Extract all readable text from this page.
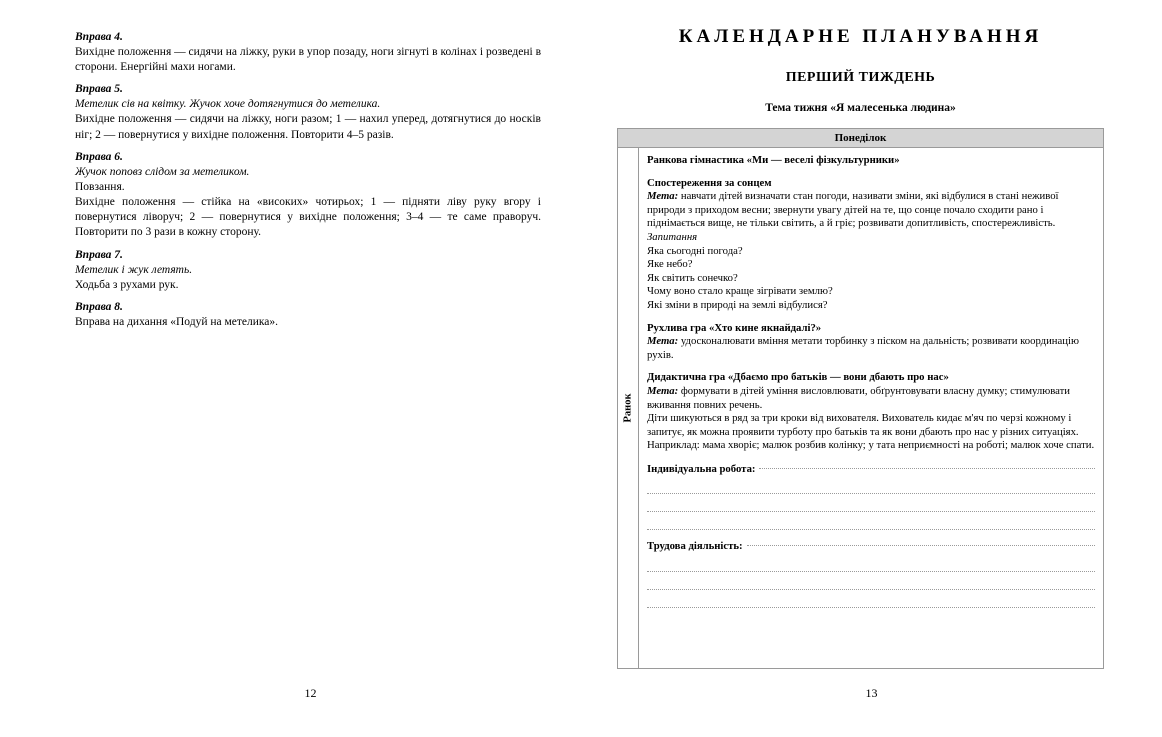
Вправа 4.

Вихідне положення — сидячи на ліжку, руки в упор позаду, ноги зігнуті в колінах і розведені в сторони. Енергійні махи ногами.

Вправа 5.

Метелик сів на квітку. Жучок хоче дотягнутися до метелика.

Вихідне положення — сидячи на ліжку, ноги разом; 1 — нахил уперед, дотягнутися до носків ніг; 2 — повернутися у вихідне положення. Повторити 4–5 разів.

Вправа 6.

Жучок поповз слідом за метеликом.

Повзання.

Вихідне положення — стійка на «високих» чотирьох; 1 — підняти ліву руку вгору і повернутися ліворуч; 2 — повернутися у вихідне положення; 3–4 — те саме праворуч. Повторити по 3 рази в кожну сторону.

Вправа 7.

Метелик і жук летять.

Ходьба з рухами рук.

Вправа 8.

Вправа на дихання «Подуй на метелика».

12
КАЛЕНДАРНЕ ПЛАНУВАННЯ
ПЕРШИЙ ТИЖДЕНЬ
Тема тижня «Я малесенька людина»
Понеділок
Ранок

Ранкова гімнастика «Ми — веселі фізкультурники»

Спостереження за сонцем

Мета: навчати дітей визначати стан погоди, називати зміни, які відбулися в стані неживої природи з приходом весни; звернути увагу дітей на те, що сонце почало сходити рано і піднімається вище, не тільки світить, а й гріє; розвивати допитливість, спостережливість.

Запитання

Яка сьогодні погода?

Яке небо?

Як світить сонечко?

Чому воно стало краще зігрівати землю?

Які зміни в природі на землі відбулися?

Рухлива гра «Хто кине якнайдалі?»

Мета: удосконалювати вміння метати торбинку з піском на дальність; розвивати координацію рухів.

Дидактична гра «Дбаємо про батьків — вони дбають про нас»

Мета: формувати в дітей уміння висловлювати, обґрунтовувати власну думку; стимулювати вживання повних речень.

Діти шикуються в ряд за три кроки від вихователя. Вихователь кидає м'яч по черзі кожному і запитує, як можна проявити турботу про батьків та як вони дбають про нас у різних ситуаціях.

Наприклад: мама хворіє; малюк розбив колінку; у тата неприємності на роботі; малюк хоче спати.

Індивідуальна робота:
Трудова діяльність:
13
